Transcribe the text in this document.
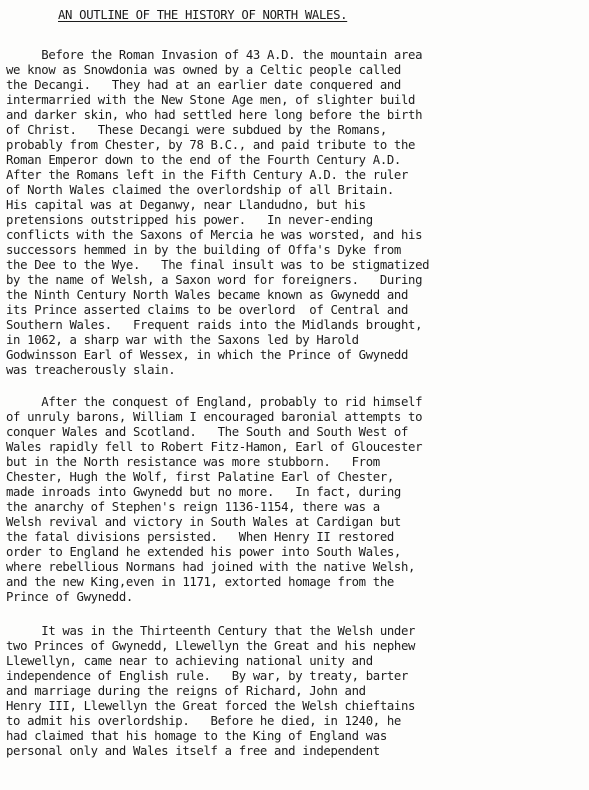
AN OUTLINE OF THE HISTORY OF NORTH WALES.

Before the Roman Invasion of 43 A.D. the mountain area
we know as Snowdonia was owned by a Celtic people called
the Decangi.   They had at an earlier date conquered and
intermarried with the New Stone Age men, of slighter build
and darker skin, who had settled here long before the birth
of Christ.   These Decangi were subdued by the Romans,
probably from Chester, by 78 B.C., and paid tribute to the
Roman Emperor down to the end of the Fourth Century A.D.
After the Romans left in the Fifth Century A.D. the ruler
of North Wales claimed the overlordship of all Britain.
His capital was at Deganwy, near Llandudno, but his
pretensions outstripped his power.   In never-ending
conflicts with the Saxons of Mercia he was worsted, and his
successors hemmed in by the building of Offa's Dyke from
the Dee to the Wye.   The final insult was to be stigmatized
by the name of Welsh, a Saxon word for foreigners.   During
the Ninth Century North Wales became known as Gwynedd and
its Prince asserted claims to be overlord  of Central and
Southern Wales.   Frequent raids into the Midlands brought,
in 1062, a sharp war with the Saxons led by Harold
Godwinsson Earl of Wessex, in which the Prince of Gwynedd
was treacherously slain.

After the conquest of England, probably to rid himself
of unruly barons, William I encouraged baronial attempts to
conquer Wales and Scotland.   The South and South West of
Wales rapidly fell to Robert Fitz-Hamon, Earl of Gloucester
but in the North resistance was more stubborn.   From
Chester, Hugh the Wolf, first Palatine Earl of Chester,
made inroads into Gwynedd but no more.   In fact, during
the anarchy of Stephen's reign 1136-1154, there was a
Welsh revival and victory in South Wales at Cardigan but
the fatal divisions persisted.   When Henry II restored
order to England he extended his power into South Wales,
where rebellious Normans had joined with the native Welsh,
and the new King,even in 1171, extorted homage from the
Prince of Gwynedd.

It was in the Thirteenth Century that the Welsh under
two Princes of Gwynedd, Llewellyn the Great and his nephew
Llewellyn, came near to achieving national unity and
independence of English rule.   By war, by treaty, barter
and marriage during the reigns of Richard, John and
Henry III, Llewellyn the Great forced the Welsh chieftains
to admit his overlordship.   Before he died, in 1240, he
had claimed that his homage to the King of England was
personal only and Wales itself a free and independent
